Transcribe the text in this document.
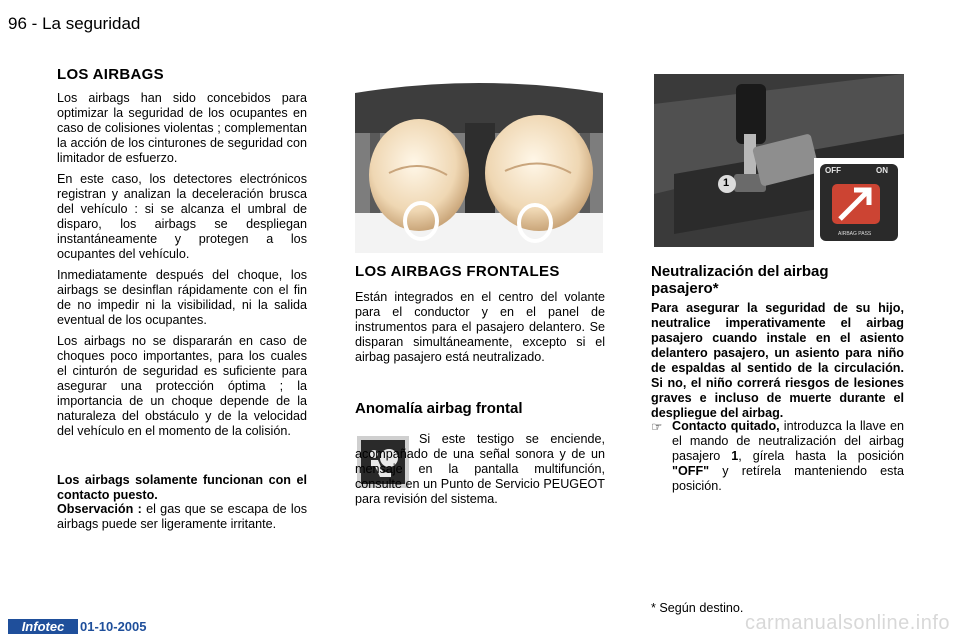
96 - La seguridad
LOS AIRBAGS

Los airbags han sido concebidos para optimizar la seguridad de los ocupantes en caso de colisiones violentas ; complementan la acción de los cinturones de seguridad con limitador de esfuerzo.

En este caso, los detectores electrónicos registran y analizan la deceleración brusca del vehículo : si se alcanza el umbral de disparo, los airbags se despliegan instantáneamente y protegen a los ocupantes del vehículo.

Inmediatamente después del choque, los airbags se desinflan rápidamente con el fin de no impedir ni la visibilidad, ni la salida eventual de los ocupantes.

Los airbags no se dispararán en caso de choques poco importantes, para los cuales el cinturón de seguridad es suficiente para asegurar una protección óptima ; la importancia de un choque depende de la naturaleza del obstáculo y de la velocidad del vehículo en el momento de la colisión.

Los airbags solamente funcionan con el contacto puesto.
Observación : el gas que se escapa de los airbags puede ser ligeramente irritante.
LOS AIRBAGS FRONTALES
Están integrados en el centro del volante para el conductor y en el panel de instrumentos para el pasajero delantero. Se disparan simultáneamente, excepto si el airbag pasajero está neutralizado.
Anomalía airbag frontal
Si este testigo se enciende, acompañado de una señal sonora y de un mensaje en la pantalla multifunción, consulte en un Punto de Servicio PEUGEOT para revisión del sistema.
OFF	ON
AIRBAG PASS
1
Neutralización del airbag pasajero*
Para asegurar la seguridad de su hijo, neutralice imperativamente el airbag pasajero cuando instale en el asiento delantero pasajero, un asiento para niño de espaldas al sentido de la circulación. Si no, el niño correrá riesgos de lesiones graves e incluso de muerte durante el despliegue del airbag.
☞ Contacto quitado, introduzca la llave en el mando de neutralización del airbag pasajero 1, gírela hasta la posición "OFF" y retírela manteniendo esta posición.
* Según destino.
Infotec	01-10-2005	carmanualsonline.info
